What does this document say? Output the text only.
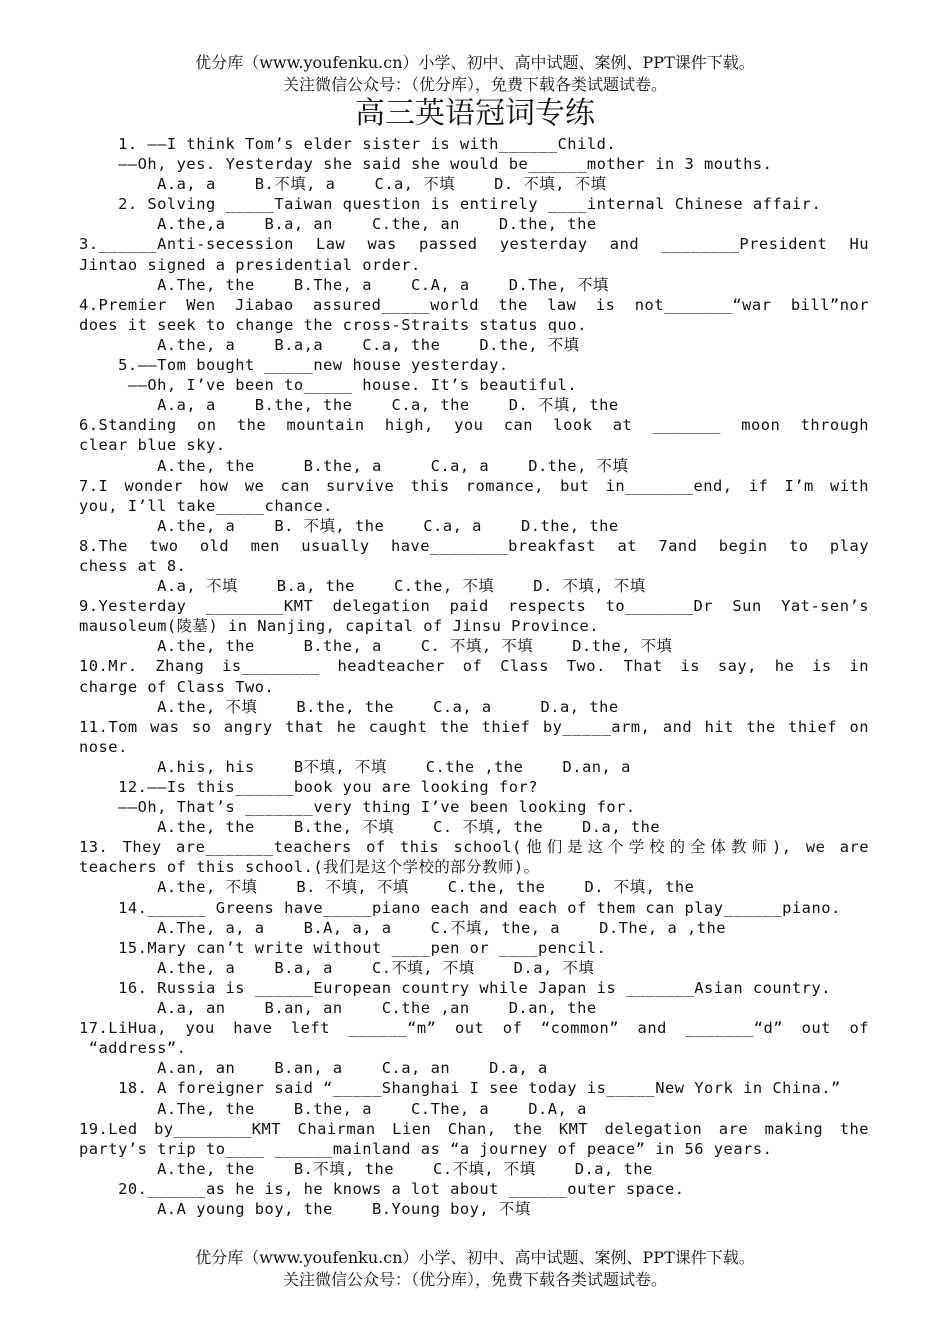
优分库（www.youfenku.cn）小学、初中、高中试题、案例、PPT课件下载。
关注微信公众号：（优分库），免费下载各类试题试卷。
高三英语冠词专练
1. ——I think Tom’s elder sister is with______Child.
——Oh, yes. Yesterday she said she would be______mother in 3 mouths.
A.a, a    B.不填, a    C.a, 不填    D. 不填, 不填
2. Solving _____Taiwan question is entirely ____internal Chinese affair.
A.the,a    B.a, an    C.the, an    D.the, the
3.______Anti-secession Law was passed yesterday and ________President Hu
Jintao signed a presidential order.
A.The, the    B.The, a    C.A, a    D.The, 不填
4.Premier Wen Jiabao assured_____world the law is not_______“war bill”nor
does it seek to change the cross-Straits status quo.
A.the, a    B.a,a    C.a, the    D.the, 不填
5.——Tom bought _____new house yesterday.
——Oh, I’ve been to_____ house. It’s beautiful.
A.a, a    B.the, the    C.a, the    D. 不填, the
6.Standing on the mountain high, you can look at _______ moon through
clear blue sky.
A.the, the     B.the, a     C.a, a    D.the, 不填
7.I wonder how we can survive this romance, but in_______end, if I’m with
you, I’ll take_____chance.
A.the, a    B. 不填, the    C.a, a    D.the, the
8.The two old men usually have________breakfast at 7and begin to play
chess at 8.
A.a, 不填    B.a, the    C.the, 不填    D. 不填, 不填
9.Yesterday ________KMT delegation paid respects to_______Dr Sun Yat-sen’s
mausoleum(陵墓) in Nanjing, capital of Jinsu Province.
A.the, the     B.the, a    C. 不填, 不填    D.the, 不填
10.Mr. Zhang is________ headteacher of Class Two. That is say, he is in
charge of Class Two.
A.the, 不填    B.the, the    C.a, a     D.a, the
11.Tom was so angry that he caught the thief by_____arm, and hit the thief on
nose.
A.his, his    B不填, 不填    C.the ,the    D.an, a
12.——Is this______book you are looking for?
——Oh, That’s _______very thing I’ve been looking for.
A.the, the    B.the, 不填    C. 不填, the    D.a, the
13. They are_______teachers of this school(他们是这个学校的全体教师), we are
teachers of this school.(我们是这个学校的部分教师)。
A.the, 不填    B. 不填, 不填    C.the, the    D. 不填, the
14.______ Greens have_____piano each and each of them can play______piano.
A.The, a, a    B.A, a, a    C.不填, the, a    D.The, a ,the
15.Mary can’t write without ____pen or ____pencil.
A.the, a    B.a, a    C.不填, 不填    D.a, 不填
16. Russia is ______European country while Japan is _______Asian country.
A.a, an    B.an, an    C.the ,an    D.an, the
17.LiHua, you have left ______“m” out of “common” and _______“d” out of
“address”.
A.an, an    B.an, a    C.a, an    D.a, a
18. A foreigner said “_____Shanghai I see today is_____New York in China.”
A.The, the    B.the, a    C.The, a    D.A, a
19.Led by________KMT Chairman Lien Chan, the KMT delegation are making the
party’s trip to____ ______mainland as “a journey of peace” in 56 years.
A.the, the    B.不填, the    C.不填, 不填    D.a, the
20.______as he is, he knows a lot about ______outer space.
A.A young boy, the    B.Young boy, 不填
优分库（www.youfenku.cn）小学、初中、高中试题、案例、PPT课件下载。
关注微信公众号：（优分库），免费下载各类试题试卷。
